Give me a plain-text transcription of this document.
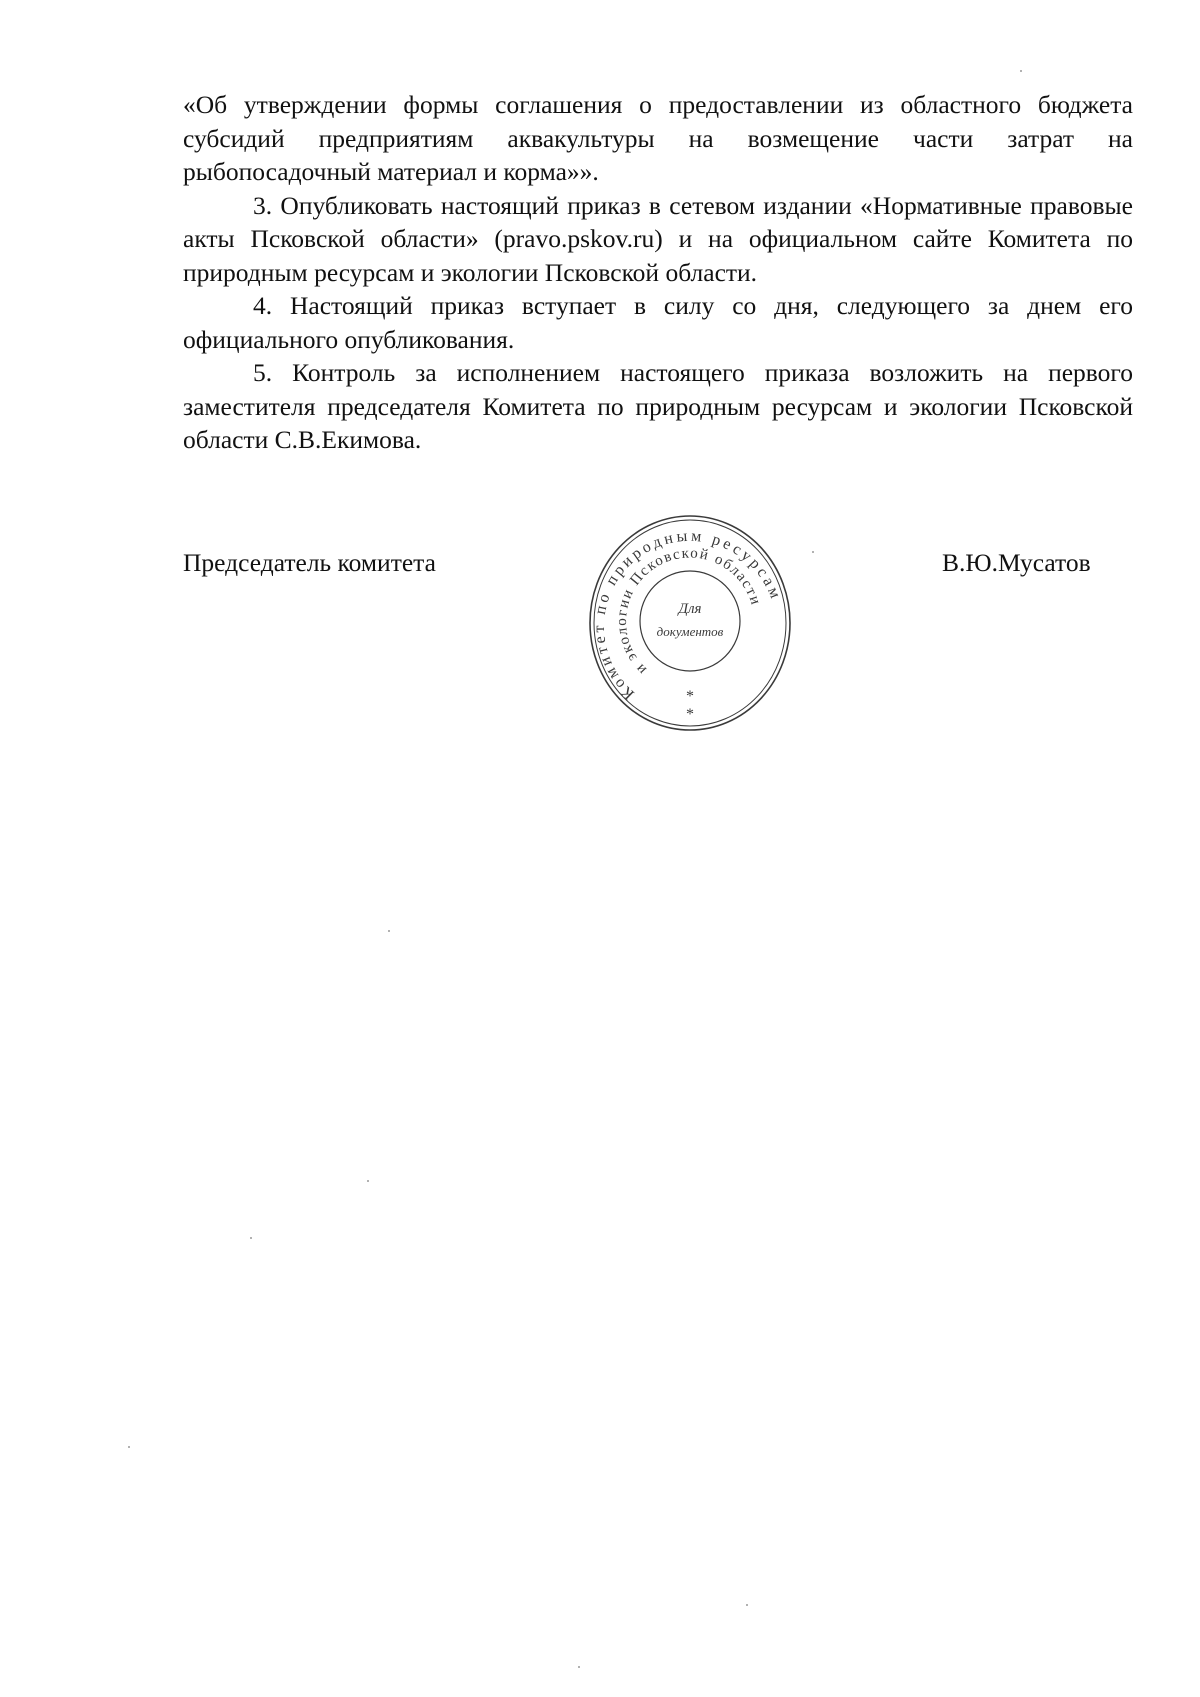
«Об утверждении формы соглашения о предоставлении из областного бюджета субсидий предприятиям аквакультуры на возмещение части затрат на рыбопосадочный материал и корма»».

3. Опубликовать настоящий приказ в сетевом издании «Нормативные правовые акты Псковской области» (pravo.pskov.ru) и на официальном сайте Комитета по природным ресурсам и экологии Псковской области.

4. Настоящий приказ вступает в силу со дня, следующего за днем его официального опубликования.

5. Контроль за исполнением настоящего приказа возложить на первого заместителя председателя Комитета по природным ресурсам и экологии Псковской области С.В.Екимова.

Председатель комитета	В.Ю.Мусатов
Комитет по природным ресурсам
и экологии Псковской области
Для
документов
*
*
